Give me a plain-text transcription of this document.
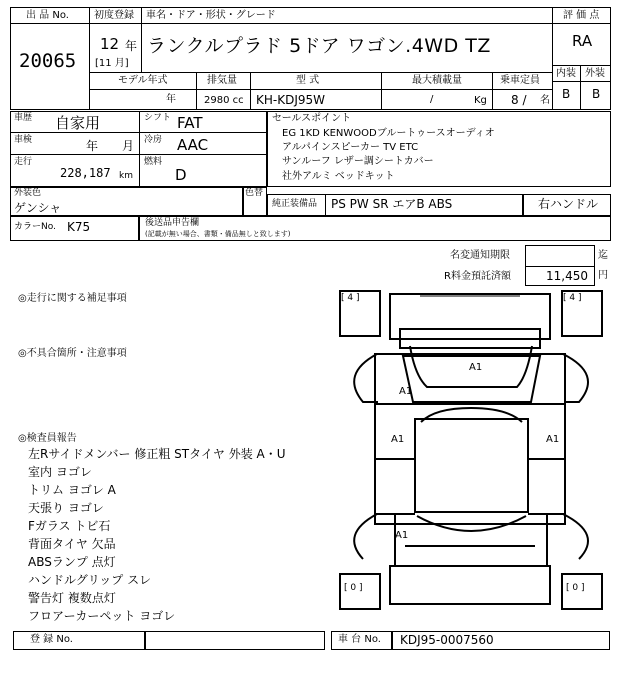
出 品 No.
20065
初度登録
12 年
[11 月]
車名・ドア・形状・グレード
ランクルプラド 5ドア ワゴン.4WD TZ
評 価 点
RA
内装 外装
B B
モデル年式	排気量	型 式	最大積載量	乗車定員
年	2980 cc KH-KDJ95W	/	Kg 8 / 名
車歴 自家用
車検	年 月
走行
228,187 km
シフト FAT
冷房 AAC
燃料
D
セールスポイント
EG 1KD KENWOODブルートゥースオーディオ
アルパインスピーカー TV ETC
サンルーフ レザー調シートカバー
社外アルミ ベッドキット
外装色
ゲンシャ
色替
純正装備品 PS PW SR エアB ABS	右ハンドル
カラーNo. K75	後送品申告欄
(記載が無い場合、書類・備品無しと致します)
名変通知期限	迄
R料金預託済額	11,450 円
◎走行に関する補足事項
◎不具合箇所・注意事項
◎検査員報告
左Rサイドメンバー 修正粗 STタイヤ 外装 A・U
室内 ヨゴレ
トリム ヨゴレ A
天張り ヨゴレ
Fガラス トビ石
背面タイヤ 欠品
ABSランプ 点灯
ハンドルグリップ スレ
警告灯 複数点灯
フロアーカーペット ヨゴレ
[ 4 ]	[ 4 ]
[ 0 ]	[ 0 ]
A1
A1
A1	A1
A1
登 録 No.	車 台 No. KDJ95-0007560
